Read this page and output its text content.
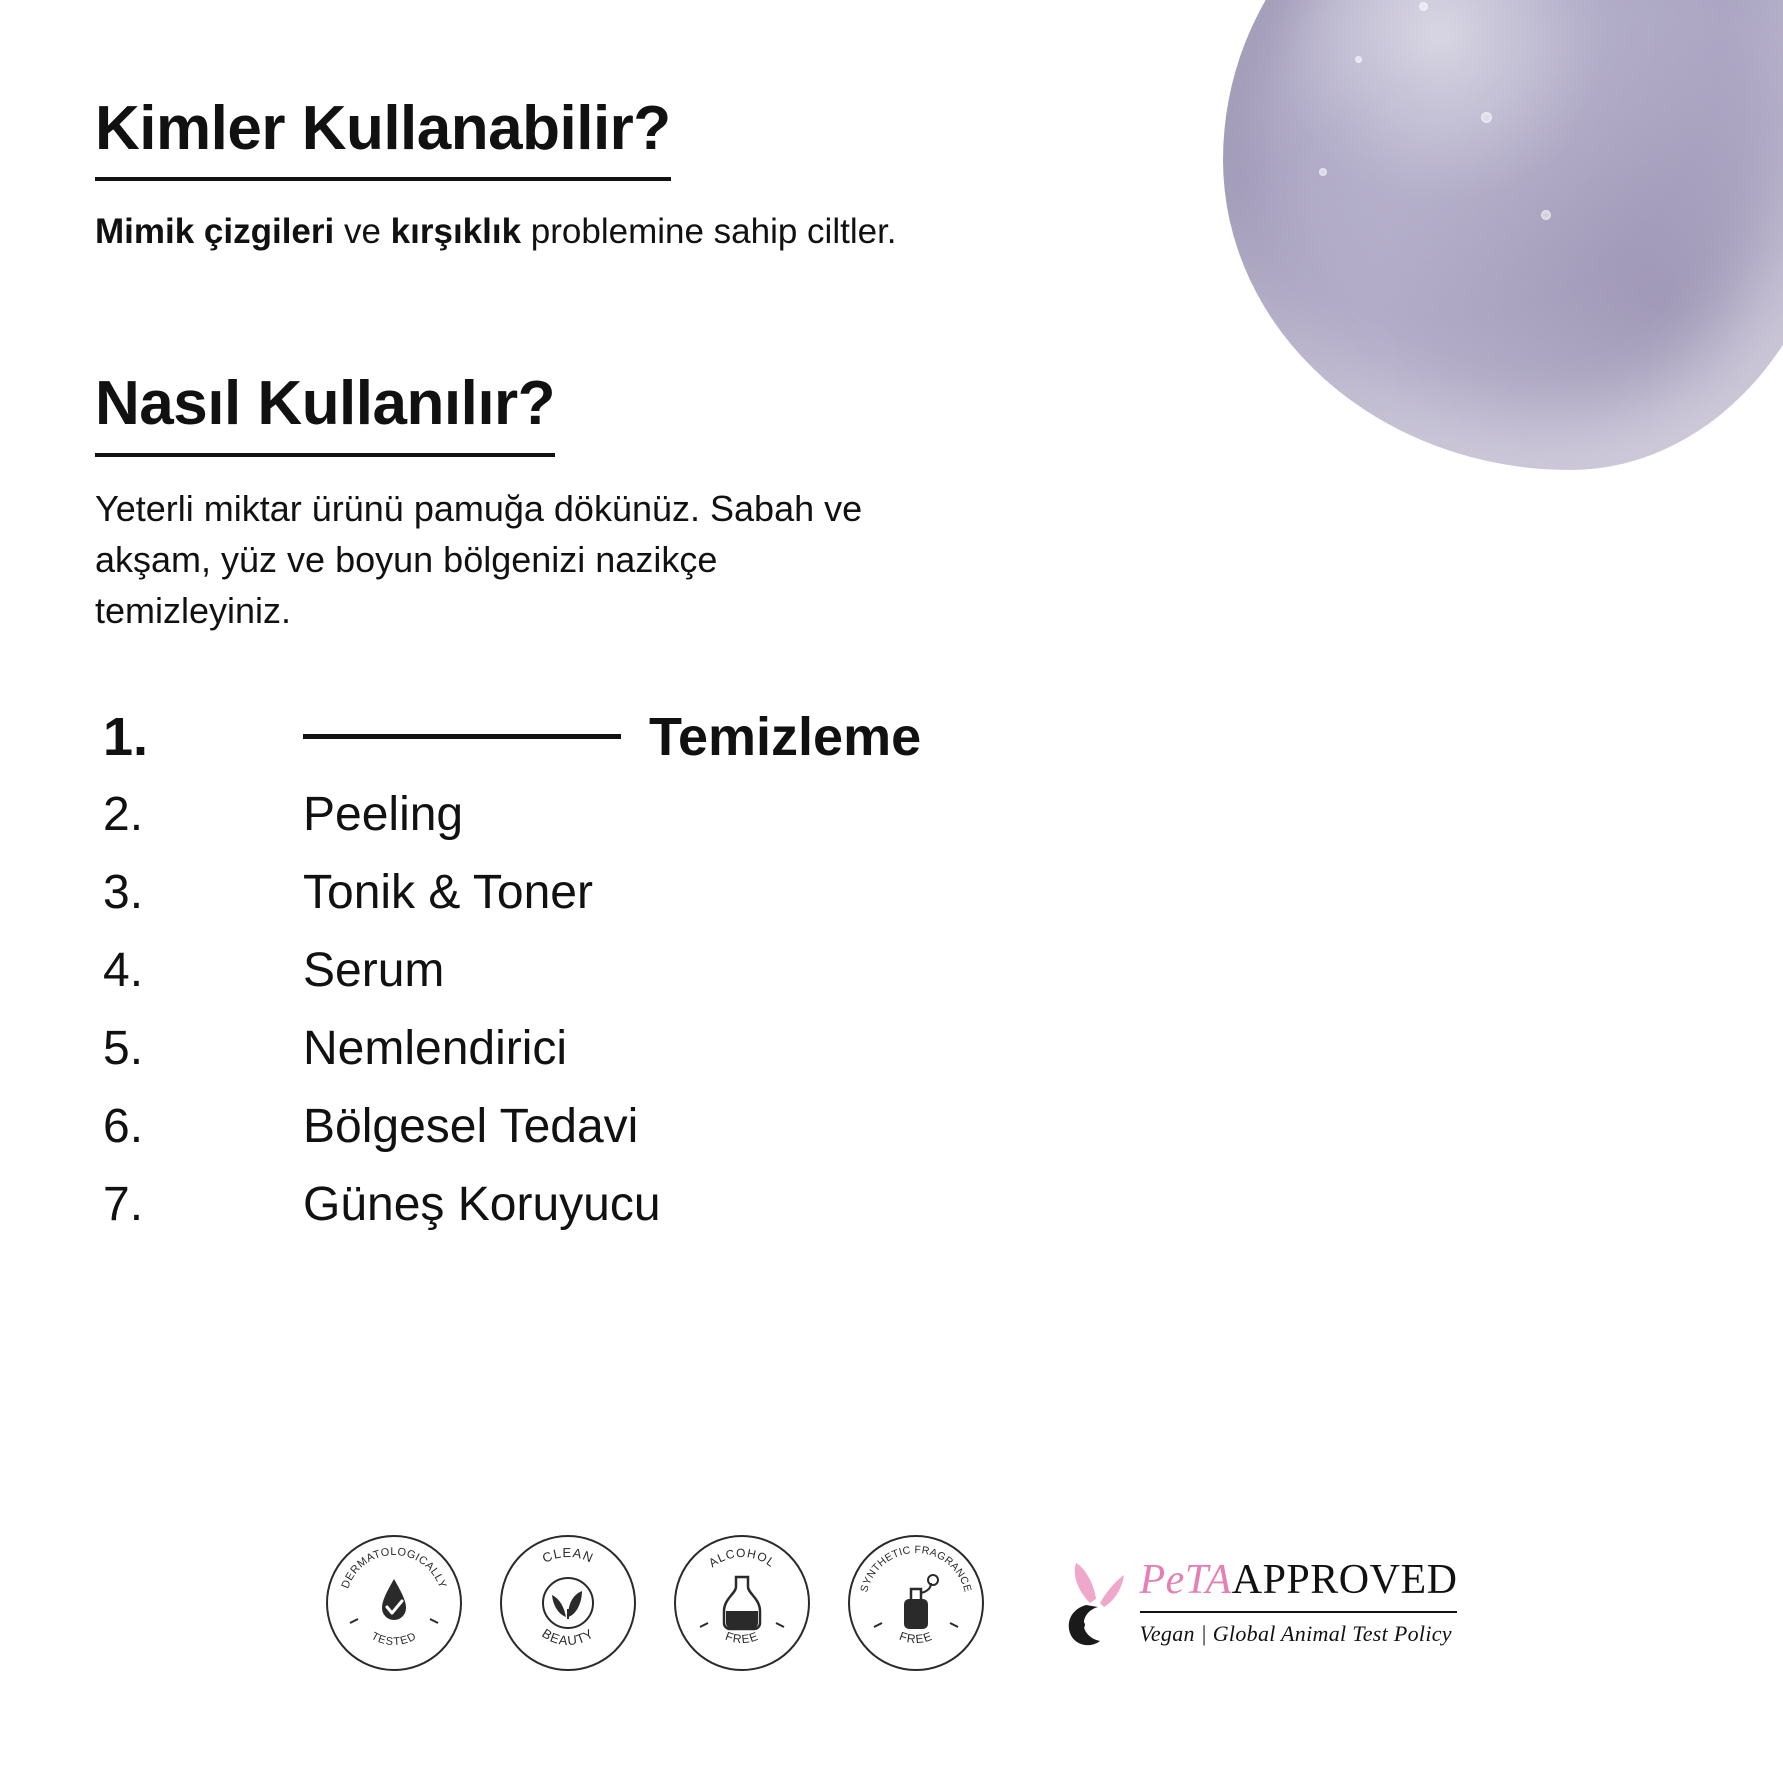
Kimler Kullanabilir?
Mimik çizgileri ve kırşıklık problemine sahip ciltler.
Nasıl Kullanılır?
Yeterli miktar ürünü pamuğa dökünüz. Sabah ve akşam, yüz ve boyun bölgenizi nazikçe temizleyiniz.
1.	Temizleme
2.	Peeling
3.	Tonik & Toner
4.	Serum
5.	Nemlendirici
6.	Bölgesel Tedavi
7.	Güneş Koruyucu
DERMATOLOGICALLY
TESTED
CLEAN
BEAUTY
ALCOHOL
FREE
SYNTHETIC FRAGRANCE
FREE
PeTAAPPROVED
Vegan | Global Animal Test Policy
